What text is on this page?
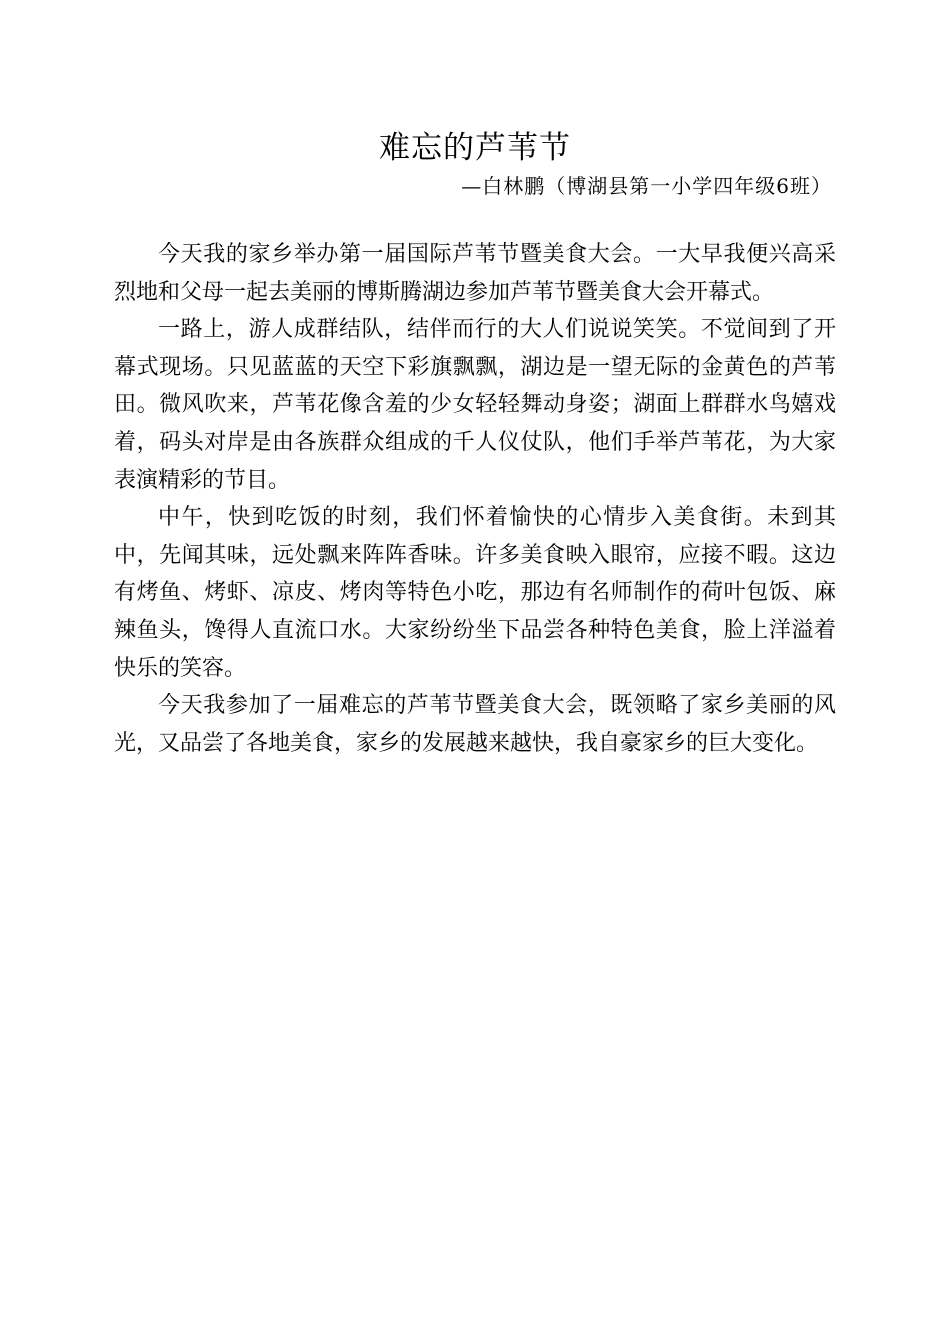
难忘的芦苇节

—白林鹏（博湖县第一小学四年级6班）

今天我的家乡举办第一届国际芦苇节暨美食大会。一大早我便兴高采烈地和父母一起去美丽的博斯腾湖边参加芦苇节暨美食大会开幕式。

一路上，游人成群结队，结伴而行的大人们说说笑笑。不觉间到了开幕式现场。只见蓝蓝的天空下彩旗飘飘，湖边是一望无际的金黄色的芦苇田。微风吹来，芦苇花像含羞的少女轻轻舞动身姿；湖面上群群水鸟嬉戏着，码头对岸是由各族群众组成的千人仪仗队，他们手举芦苇花，为大家表演精彩的节目。

中午，快到吃饭的时刻，我们怀着愉快的心情步入美食街。未到其中，先闻其味，远处飘来阵阵香味。许多美食映入眼帘，应接不暇。这边有烤鱼、烤虾、凉皮、烤肉等特色小吃，那边有名师制作的荷叶包饭、麻辣鱼头，馋得人直流口水。大家纷纷坐下品尝各种特色美食，脸上洋溢着快乐的笑容。

今天我参加了一届难忘的芦苇节暨美食大会，既领略了家乡美丽的风光，又品尝了各地美食，家乡的发展越来越快，我自豪家乡的巨大变化。
